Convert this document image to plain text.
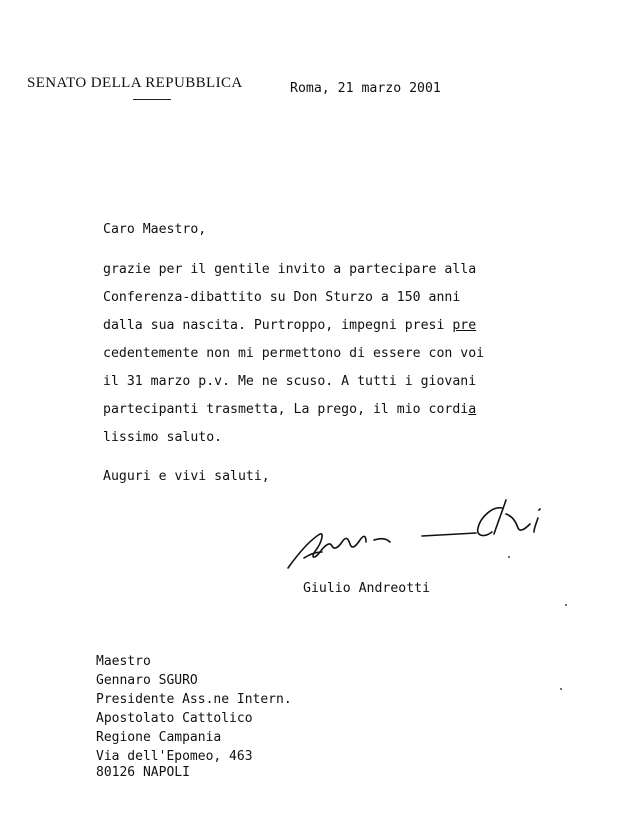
SENATO DELLA REPUBBLICA	Roma, 21 marzo 2001
Caro Maestro,
grazie per il gentile invito a partecipare alla
Conferenza-dibattito su Don Sturzo a 150 anni
dalla sua nascita. Purtroppo, impegni presi pre
cedentemente non mi permettono di essere con voi
il 31 marzo p.v. Me ne scuso. A tutti i giovani
partecipanti trasmetta, La prego, il mio cordia
lissimo saluto.
Auguri e vivi saluti,
Giulio Andreotti
Maestro
Gennaro SGURO
Presidente Ass.ne Intern.
Apostolato Cattolico
Regione Campania
Via dell'Epomeo, 463
80126 NAPOLI
